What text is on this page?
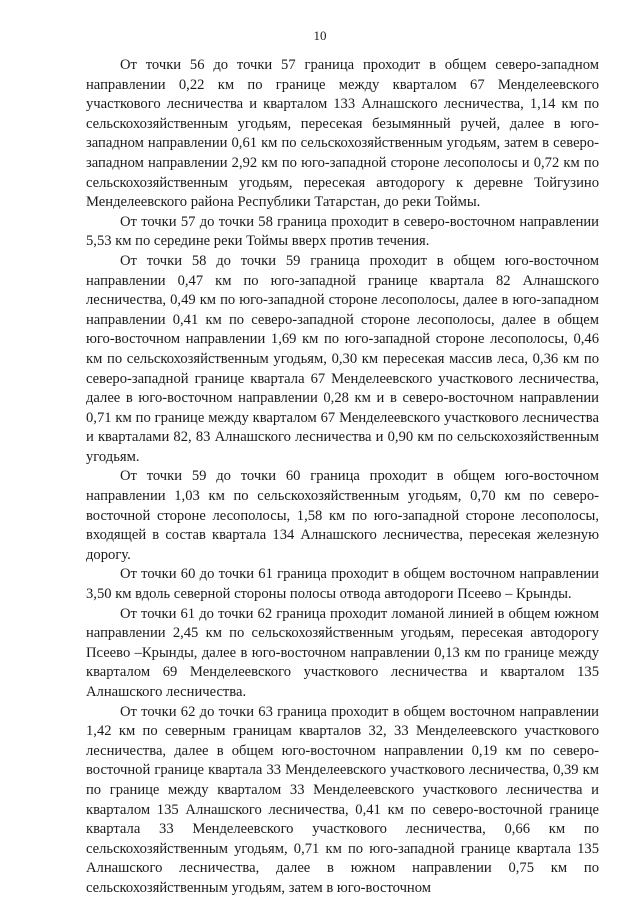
10

От точки 56 до точки 57 граница проходит в общем северо-западном направлении 0,22 км по границе между кварталом 67 Менделеевского участкового лесничества и кварталом 133 Алнашского лесничества, 1,14 км по сельскохозяйственным угодьям, пересекая безымянный ручей, далее в юго-западном направлении 0,61 км по сельскохозяйственным угодьям, затем в северо-западном направлении 2,92 км по юго-западной стороне лесополосы и 0,72 км по сельскохозяйственным угодьям, пересекая автодорогу к деревне Тойгузино Менделеевского района Республики Татарстан, до реки Тоймы.

От точки 57 до точки 58 граница проходит в северо-восточном направлении 5,53 км по середине реки Тоймы вверх против течения.

От точки 58 до точки 59 граница проходит в общем юго-восточном направлении 0,47 км по юго-западной границе квартала 82 Алнашского лесничества, 0,49 км по юго-западной стороне лесополосы, далее в юго-западном направлении 0,41 км по северо-западной стороне лесополосы, далее в общем юго-восточном направлении 1,69 км по юго-западной стороне лесополосы, 0,46 км по сельскохозяйственным угодьям, 0,30 км пересекая массив леса, 0,36 км по северо-западной границе квартала 67 Менделеевского участкового лесничества, далее в юго-восточном направлении 0,28 км и в северо-восточном направлении 0,71 км по границе между кварталом 67 Менделеевского участкового лесничества и кварталами 82, 83 Алнашского лесничества и 0,90 км по сельскохозяйственным угодьям.

От точки 59 до точки 60 граница проходит в общем юго-восточном направлении 1,03 км по сельскохозяйственным угодьям, 0,70 км по северо-восточной стороне лесополосы, 1,58 км по юго-западной стороне лесополосы, входящей в состав квартала 134 Алнашского лесничества, пересекая железную дорогу.

От точки 60 до точки 61 граница проходит в общем восточном направлении 3,50 км вдоль северной стороны полосы отвода автодороги Псеево – Крынды.

От точки 61 до точки 62 граница проходит ломаной линией в общем южном направлении 2,45 км по сельскохозяйственным угодьям, пересекая автодорогу Псеево –Крынды, далее в юго-восточном направлении 0,13 км по границе между кварталом 69 Менделеевского участкового лесничества и кварталом 135 Алнашского лесничества.

От точки 62 до точки 63 граница проходит в общем восточном направлении 1,42 км по северным границам кварталов 32, 33 Менделеевского участкового лесничества, далее в общем юго-восточном направлении 0,19 км по северо-восточной границе квартала 33 Менделеевского участкового лесничества, 0,39 км по границе между кварталом 33 Менделеевского участкового лесничества и кварталом 135 Алнашского лесничества, 0,41 км по северо-восточной границе квартала 33 Менделеевского участкового лесничества, 0,66 км по сельскохозяйственным угодьям, 0,71 км по юго-западной границе квартала 135 Алнашского лесничества, далее в южном направлении 0,75 км по сельскохозяйственным угодьям, затем в юго-восточном
